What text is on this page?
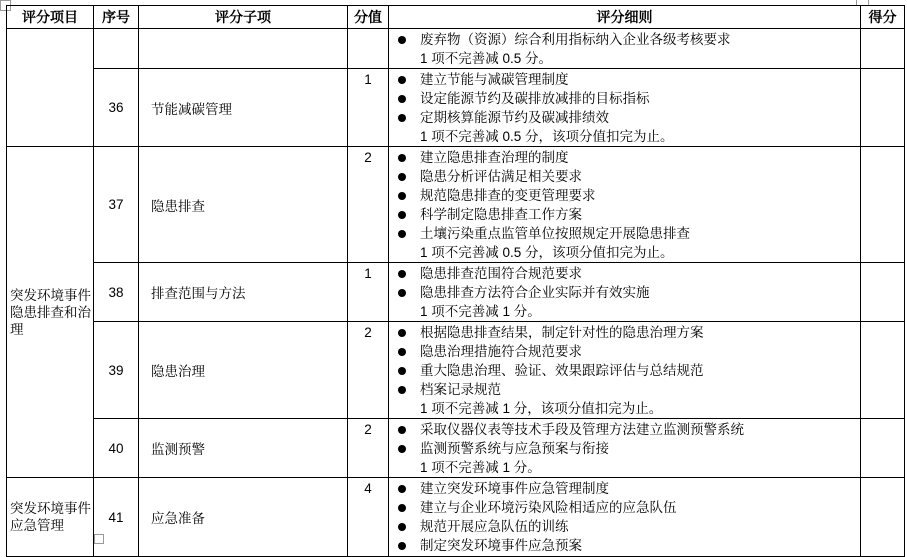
评分项目	序号	评分子项	分值	评分细则	得分

				废弃物（资源）综合利用指标纳入企业各级考核要求
1 项不完善减 0.5 分。	

	36	节能减碳管理	1	建立节能与减碳管理制度
设定能源节约及碳排放减排的目标指标
定期核算能源节约及碳减排绩效
1 项不完善减 0.5 分，该项分值扣完为止。	

突发环境事件隐患排查和治理	37	隐患排查	2	建立隐患排查治理的制度
隐患分析评估满足相关要求
规范隐患排查的变更管理要求
科学制定隐患排查工作方案
土壤污染重点监管单位按照规定开展隐患排查
1 项不完善减 0.5 分，该项分值扣完为止。

	38	排查范围与方法	1	隐患排查范围符合规范要求
隐患排查方法符合企业实际并有效实施
1 项不完善减 1 分。	

	39	隐患治理	2	根据隐患排查结果，制定针对性的隐患治理方案
隐患治理措施符合规范要求
重大隐患治理、验证、效果跟踪评估与总结规范
档案记录规范
1 项不完善减 1 分，该项分值扣完为止。	

	40	监测预警	2	采取仪器仪表等技术手段及管理方法建立监测预警系统
监测预警系统与应急预案与衔接
1 项不完善减 1 分。	

突发环境事件应急管理	41	应急准备	4	建立突发环境事件应急管理制度
建立与企业环境污染风险相适应的应急队伍
规范开展应急队伍的训练
制定突发环境事件应急预案	
